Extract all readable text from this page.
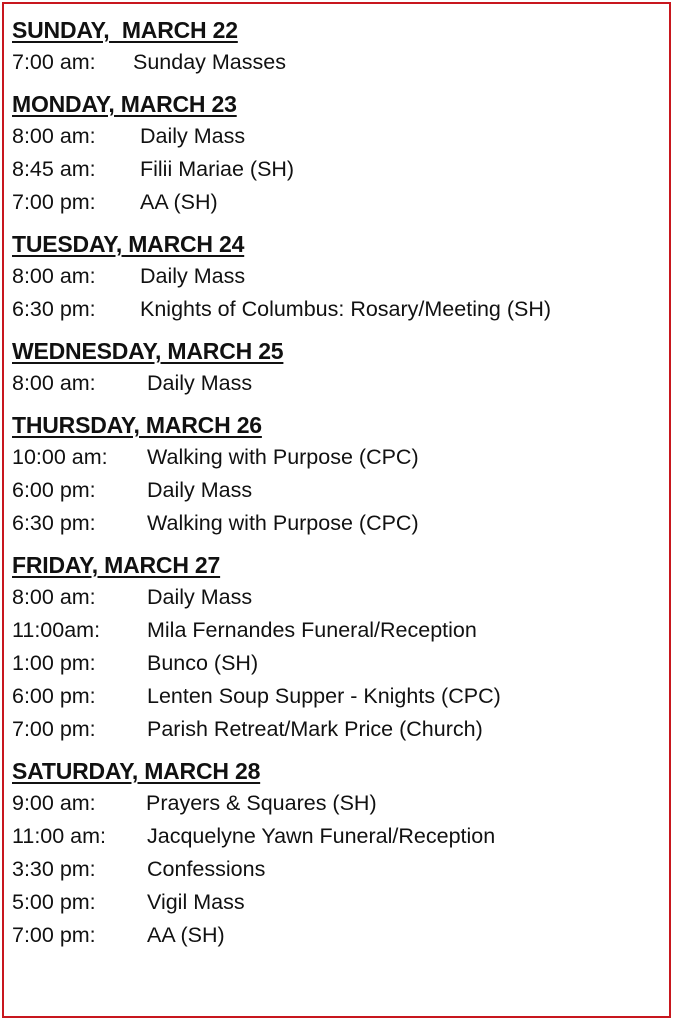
SUNDAY,  MARCH 22
7:00 am:	Sunday Masses
MONDAY, MARCH 23
8:00 am:	Daily Mass
8:45 am:	Filii Mariae (SH)
7:00 pm:	AA (SH)
TUESDAY, MARCH 24
8:00 am:	Daily Mass
6:30 pm:	Knights of Columbus: Rosary/Meeting (SH)
WEDNESDAY, MARCH 25
8:00 am:	Daily Mass
THURSDAY, MARCH 26
10:00 am:	Walking with Purpose (CPC)
6:00 pm:	Daily Mass
6:30 pm:	Walking with Purpose (CPC)
FRIDAY, MARCH 27
8:00 am:	Daily Mass
11:00am:	Mila Fernandes Funeral/Reception
1:00 pm:	Bunco (SH)
6:00 pm:	Lenten Soup Supper - Knights (CPC)
7:00 pm:	Parish Retreat/Mark Price (Church)
SATURDAY, MARCH 28
9:00 am:	Prayers & Squares (SH)
11:00 am:	Jacquelyne Yawn Funeral/Reception
3:30 pm:	Confessions
5:00 pm:	Vigil Mass
7:00 pm:	AA (SH)
